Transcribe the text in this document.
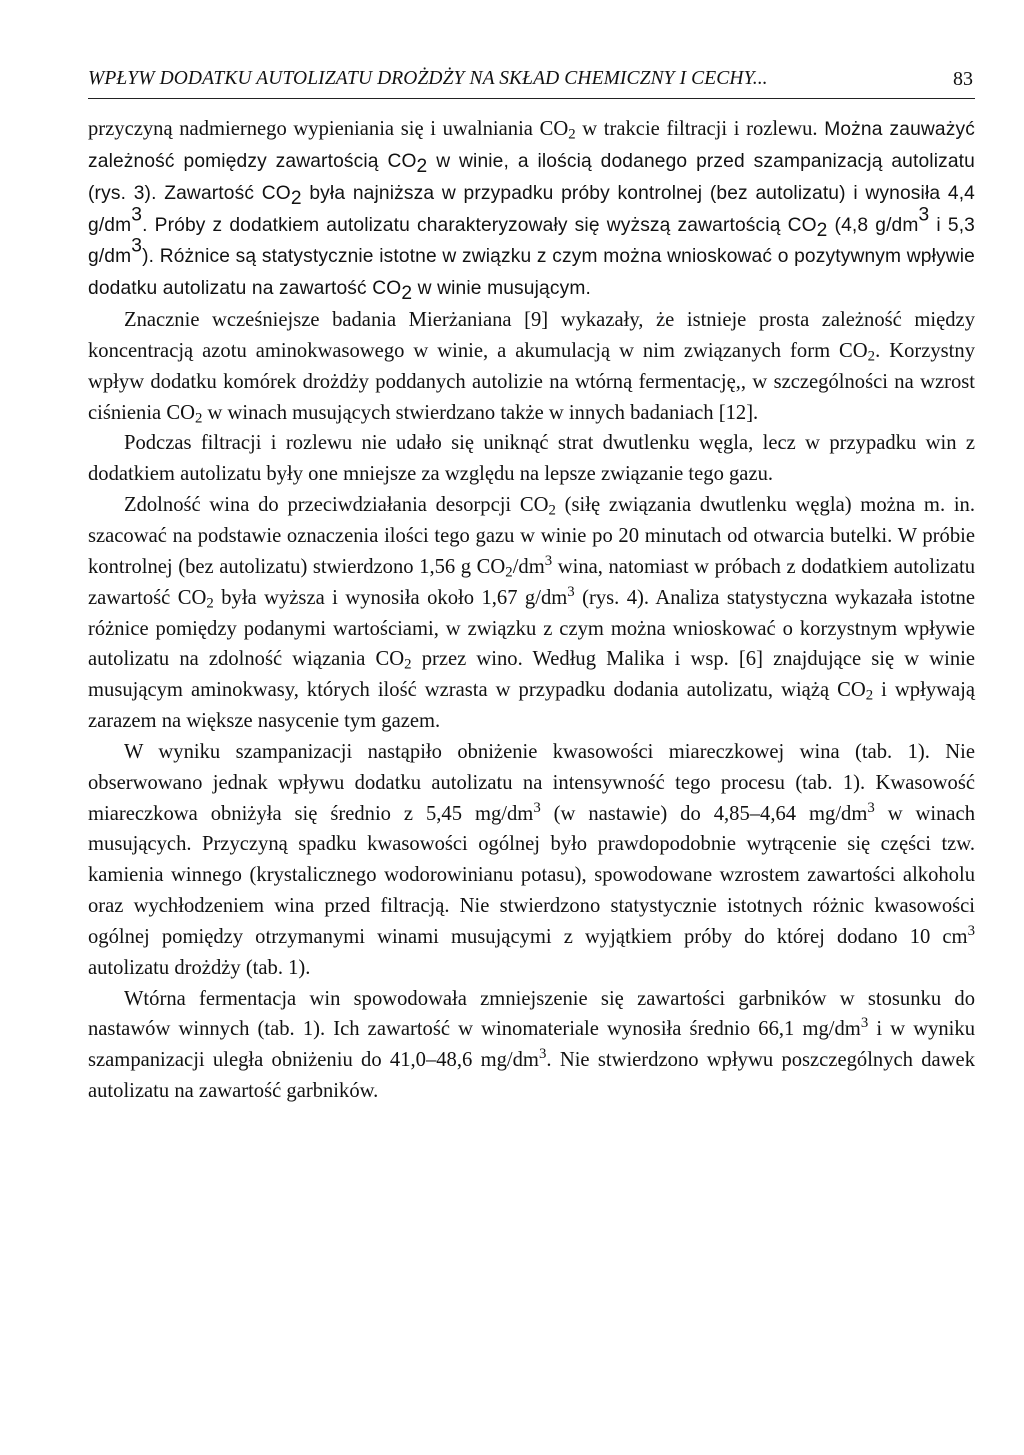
WPŁYW DODATKU AUTOLIZATU DROŻDŻY NA SKŁAD CHEMICZNY I CECHY...	83

przyczyną nadmiernego wypieniania się i uwalniania $CO_2$ w trakcie filtracji i rozlewu. Można zauważyć zależność pomiędzy zawartością $CO_2$ w winie, a ilością dodanego przed szampanizacją autolizatu (rys. 3). Zawartość $CO_2$ była najniższa w przypadku próby kontrolnej (bez autolizatu) i wynosiła 4,4 $g/dm^3$. Próby z dodatkiem autolizatu charakteryzowały się wyższą zawartością $CO_2$ (4,8 $g/dm^3$ i 5,3 $g/dm^3$). Różnice są statystycznie istotne w związku z czym można wnioskować o pozytywnym wpływie dodatku autolizatu na zawartość $CO_2$ w winie musującym.

Znacznie wcześniejsze badania Mierżaniana [9] wykazały, że istnieje prosta zależność między koncentracją azotu aminokwasowego w winie, a akumulacją w nim związanych form $CO_2$. Korzystny wpływ dodatku komórek drożdży poddanych autolizie na wtórną fermentację,, w szczególności na wzrost ciśnienia $CO_2$ w winach musujących stwierdzano także w innych badaniach [12].

Podczas filtracji i rozlewu nie udało się uniknąć strat dwutlenku węgla, lecz w przypadku win z dodatkiem autolizatu były one mniejsze za względu na lepsze związanie tego gazu.

Zdolność wina do przeciwdziałania desorpcji $CO_2$ (siłę związania dwutlenku węgla) można m. in. szacować na podstawie oznaczenia ilości tego gazu w winie po 20 minutach od otwarcia butelki. W próbie kontrolnej (bez autolizatu) stwierdzono 1,56 g $CO_2/dm^3$ wina, natomiast w próbach z dodatkiem autolizatu zawartość $CO_2$ była wyższa i wynosiła około 1,67 $g/dm^3$ (rys. 4). Analiza statystyczna wykazała istotne różnice pomiędzy podanymi wartościami, w związku z czym można wnioskować o korzystnym wpływie autolizatu na zdolność wiązania $CO_2$ przez wino. Według Malika i wsp. [6] znajdujące się w winie musującym aminokwasy, których ilość wzrasta w przypadku dodania autolizatu, wiążą $CO_2$ i wpływają zarazem na większe nasycenie tym gazem.

W wyniku szampanizacji nastąpiło obniżenie kwasowości miareczkowej wina (tab. 1). Nie obserwowano jednak wpływu dodatku autolizatu na intensywność tego procesu (tab. 1). Kwasowość miareczkowa obniżyła się średnio z 5,45 $mg/dm^3$ (w nastawie) do 4,85–4,64 $mg/dm^3$ w winach musujących. Przyczyną spadku kwasowości ogólnej było prawdopodobnie wytrącenie się części tzw. kamienia winnego (krystalicznego wodorowinianu potasu), spowodowane wzrostem zawartości alkoholu oraz wychłodzeniem wina przed filtracją. Nie stwierdzono statystycznie istotnych różnic kwasowości ogólnej pomiędzy otrzymanymi winami musującymi z wyjątkiem próby do której dodano 10 $cm^3$ autolizatu drożdży (tab. 1).

Wtórna fermentacja win spowodowała zmniejszenie się zawartości garbników w stosunku do nastawów winnych (tab. 1). Ich zawartość w winomateriale wynosiła średnio 66,1 $mg/dm^3$ i w wyniku szampanizacji uległa obniżeniu do 41,0–48,6 $mg/dm^3$. Nie stwierdzono wpływu poszczególnych dawek autolizatu na zawartość garbników.
